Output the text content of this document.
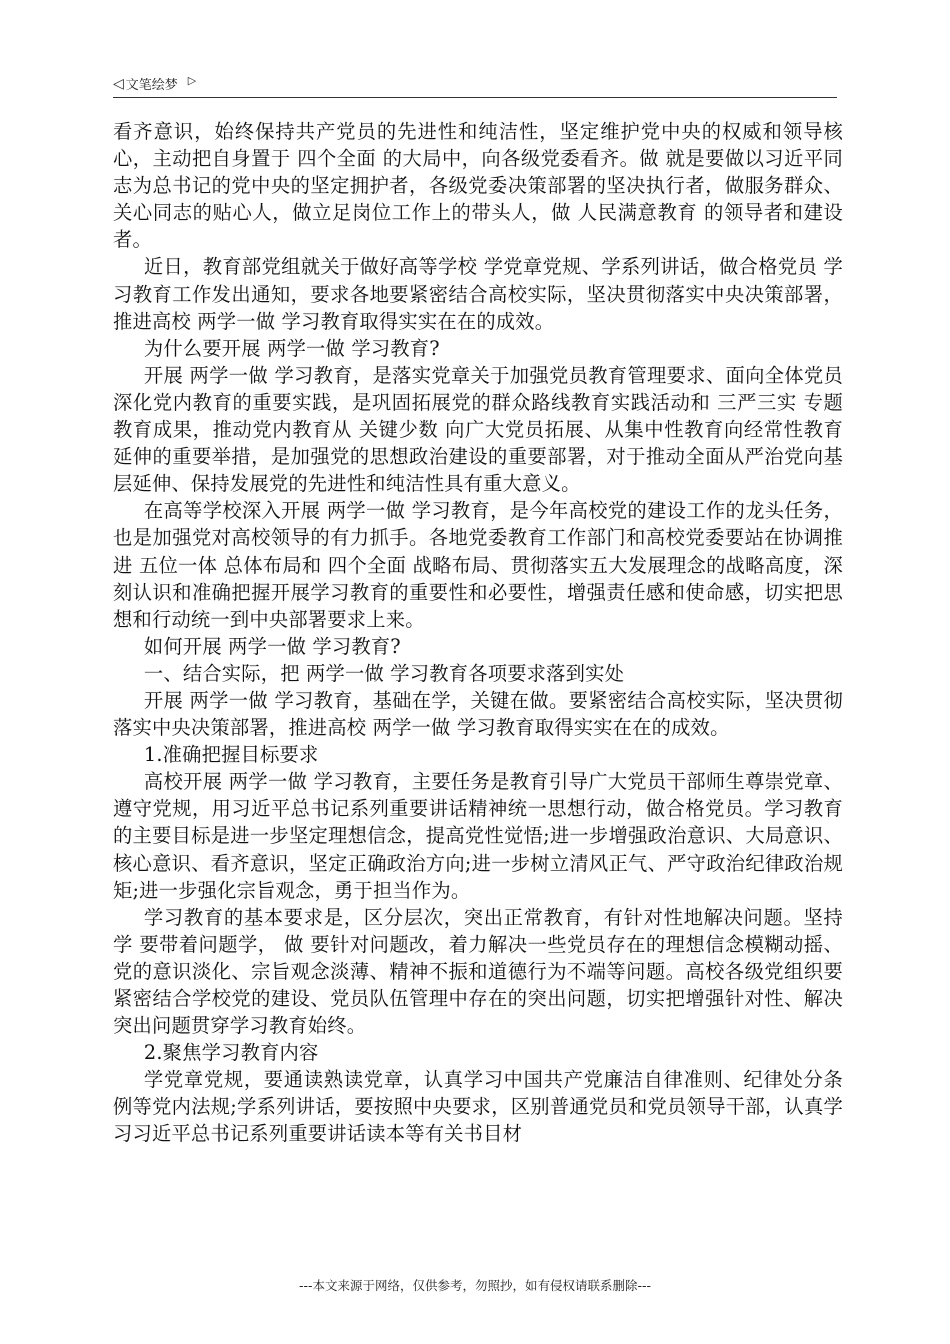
◁ 文笔绘梦 ▷

看齐意识，始终保持共产党员的先进性和纯洁性，坚定维护党中央的权威和领导核心，主动把自身置于 四个全面 的大局中，向各级党委看齐。做 就是要做以习近平同志为总书记的党中央的坚定拥护者，各级党委决策部署的坚决执行者，做服务群众、关心同志的贴心人，做立足岗位工作上的带头人，做 人民满意教育 的领导者和建设者。

近日，教育部党组就关于做好高等学校 学党章党规、学系列讲话，做合格党员 学习教育工作发出通知，要求各地要紧密结合高校实际，坚决贯彻落实中央决策部署，推进高校 两学一做 学习教育取得实实在在的成效。

为什么要开展 两学一做 学习教育?

开展 两学一做 学习教育，是落实党章关于加强党员教育管理要求、面向全体党员深化党内教育的重要实践，是巩固拓展党的群众路线教育实践活动和 三严三实 专题教育成果，推动党内教育从 关键少数 向广大党员拓展、从集中性教育向经常性教育延伸的重要举措，是加强党的思想政治建设的重要部署，对于推动全面从严治党向基层延伸、保持发展党的先进性和纯洁性具有重大意义。

在高等学校深入开展 两学一做 学习教育，是今年高校党的建设工作的龙头任务，也是加强党对高校领导的有力抓手。各地党委教育工作部门和高校党委要站在协调推进 五位一体 总体布局和 四个全面 战略布局、贯彻落实五大发展理念的战略高度，深刻认识和准确把握开展学习教育的重要性和必要性，增强责任感和使命感，切实把思想和行动统一到中央部署要求上来。

如何开展 两学一做 学习教育?

一、结合实际，把 两学一做 学习教育各项要求落到实处

开展 两学一做 学习教育，基础在学，关键在做。要紧密结合高校实际，坚决贯彻落实中央决策部署，推进高校 两学一做 学习教育取得实实在在的成效。

1.准确把握目标要求

高校开展 两学一做 学习教育，主要任务是教育引导广大党员干部师生尊崇党章、遵守党规，用习近平总书记系列重要讲话精神统一思想行动，做合格党员。学习教育的主要目标是进一步坚定理想信念，提高党性觉悟;进一步增强政治意识、大局意识、核心意识、看齐意识，坚定正确政治方向;进一步树立清风正气、严守政治纪律政治规矩;进一步强化宗旨观念，勇于担当作为。

学习教育的基本要求是，区分层次，突出正常教育，有针对性地解决问题。坚持 学 要带着问题学， 做 要针对问题改，着力解决一些党员存在的理想信念模糊动摇、党的意识淡化、宗旨观念淡薄、精神不振和道德行为不端等问题。高校各级党组织要紧密结合学校党的建设、党员队伍管理中存在的突出问题，切实把增强针对性、解决突出问题贯穿学习教育始终。

2.聚焦学习教育内容

学党章党规，要通读熟读党章，认真学习中国共产党廉洁自律准则、纪律处分条例等党内法规;学系列讲话，要按照中央要求，区别普通党员和党员领导干部，认真学习习近平总书记系列重要讲话读本等有关书目材

---本文来源于网络，仅供参考，勿照抄，如有侵权请联系删除---
